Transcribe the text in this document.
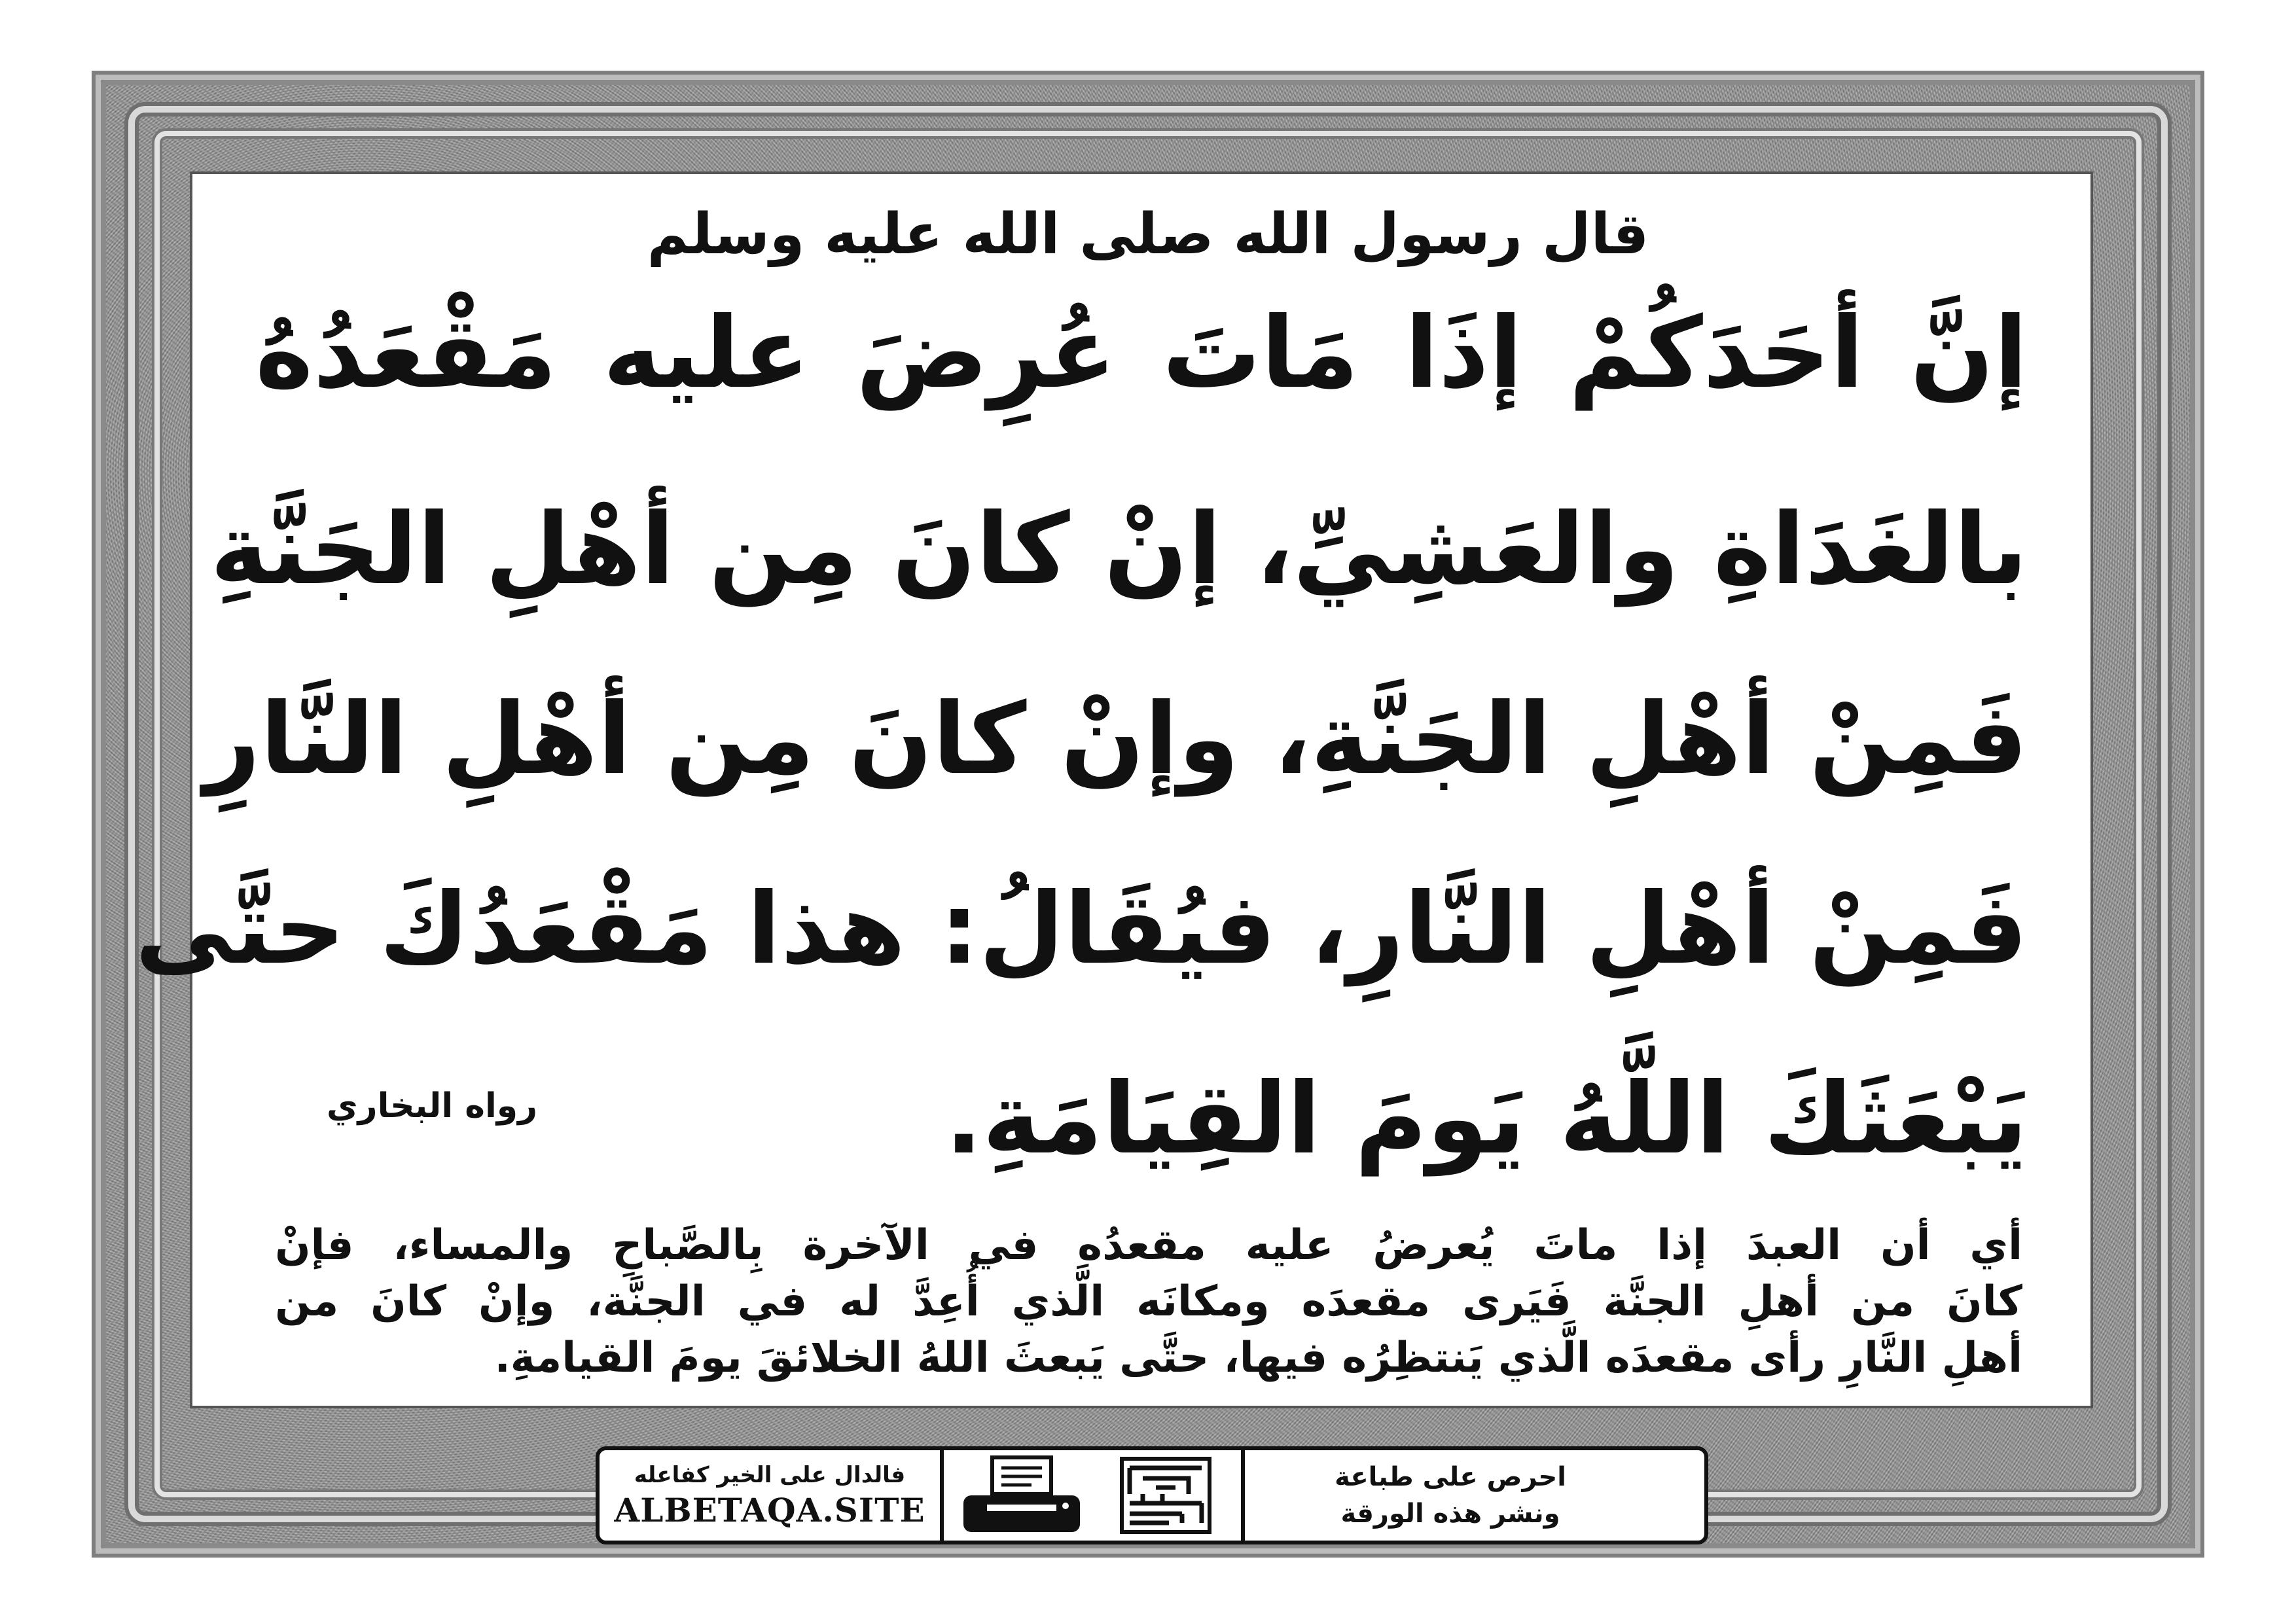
قال رسول الله صلى الله عليه وسلم
إنَّ أحَدَكُمْ إذَا مَاتَ عُرِضَ عليه مَقْعَدُهُ
بالغَدَاةِ والعَشِيِّ، إنْ كانَ مِن أهْلِ الجَنَّةِ
فَمِنْ أهْلِ الجَنَّةِ، وإنْ كانَ مِن أهْلِ النَّارِ
فَمِنْ أهْلِ النَّارِ، فيُقَالُ: هذا مَقْعَدُكَ حتَّى
يَبْعَثَكَ اللَّهُ يَومَ القِيَامَةِ.
رواه البخاري
أي أن العبدَ إذا ماتَ يُعرضُ عليه مقعدُه في الآخرة بِالصَّباحِ والمساء، فإنْ
كانَ من أهلِ الجنَّة فَيَرى مقعدَه ومكانَه الَّذي أُعِدَّ له في الجنَّة، وإنْ كانَ من
أهلِ النَّارِ رأى مقعدَه الَّذي يَنتظِرُه فيها، حتَّى يَبعثَ اللهُ الخلائقَ يومَ القيامةِ.
فالدال على الخير كفاعله
ALBETAQA.SITE
احرص على طباعة
ونشر هذه الورقة
